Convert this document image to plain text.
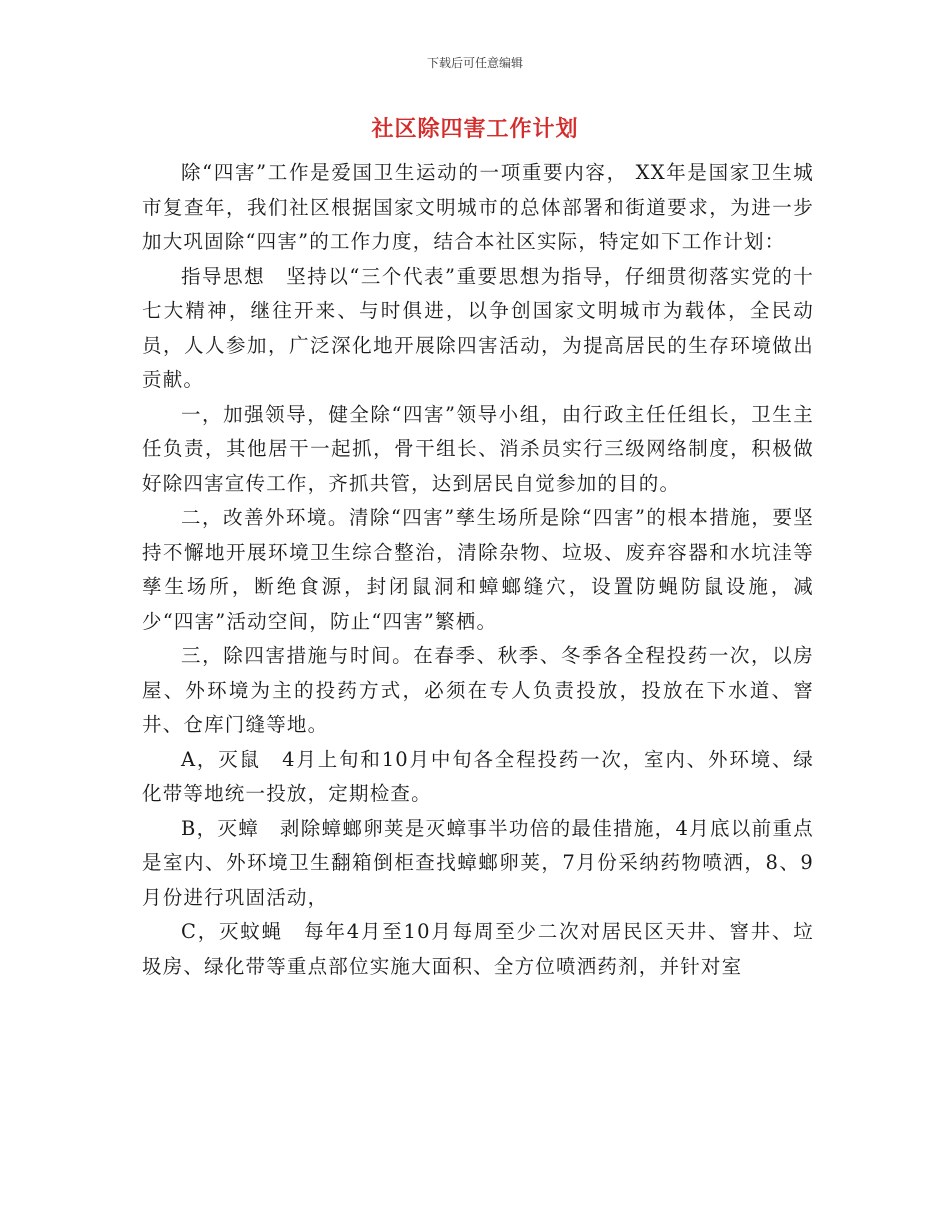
下载后可任意编辑
社区除四害工作计划

除“四害”工作是爱国卫生运动的一项重要内容， XX年是国家卫生城市复查年，我们社区根据国家文明城市的总体部署和街道要求，为进一步加大巩固除“四害”的工作力度，结合本社区实际，特定如下工作计划：

指导思想　坚持以“三个代表”重要思想为指导，仔细贯彻落实党的十七大精神，继往开来、与时俱进，以争创国家文明城市为载体，全民动员，人人参加，广泛深化地开展除四害活动，为提高居民的生存环境做出贡献。

一，加强领导，健全除“四害”领导小组，由行政主任任组长，卫生主任负责，其他居干一起抓，骨干组长、消杀员实行三级网络制度，积极做好除四害宣传工作，齐抓共管，达到居民自觉参加的目的。

二，改善外环境。清除“四害”孳生场所是除“四害”的根本措施，要坚持不懈地开展环境卫生综合整治，清除杂物、垃圾、废弃容器和水坑洼等孳生场所，断绝食源，封闭鼠洞和蟑螂缝穴，设置防蝇防鼠设施，减少“四害”活动空间，防止“四害”繁栖。

三，除四害措施与时间。在春季、秋季、冬季各全程投药一次，以房屋、外环境为主的投药方式，必须在专人负责投放，投放在下水道、窨井、仓库门缝等地。

A，灭鼠　4月上旬和10月中旬各全程投药一次，室内、外环境、绿化带等地统一投放，定期检查。

B，灭蟑　剥除蟑螂卵荚是灭蟑事半功倍的最佳措施，4月底以前重点是室内、外环境卫生翻箱倒柜查找蟑螂卵荚，7月份采纳药物喷洒，8、9月份进行巩固活动，

C，灭蚊蝇　每年4月至10月每周至少二次对居民区天井、窨井、垃圾房、绿化带等重点部位实施大面积、全方位喷洒药剂，并针对室
